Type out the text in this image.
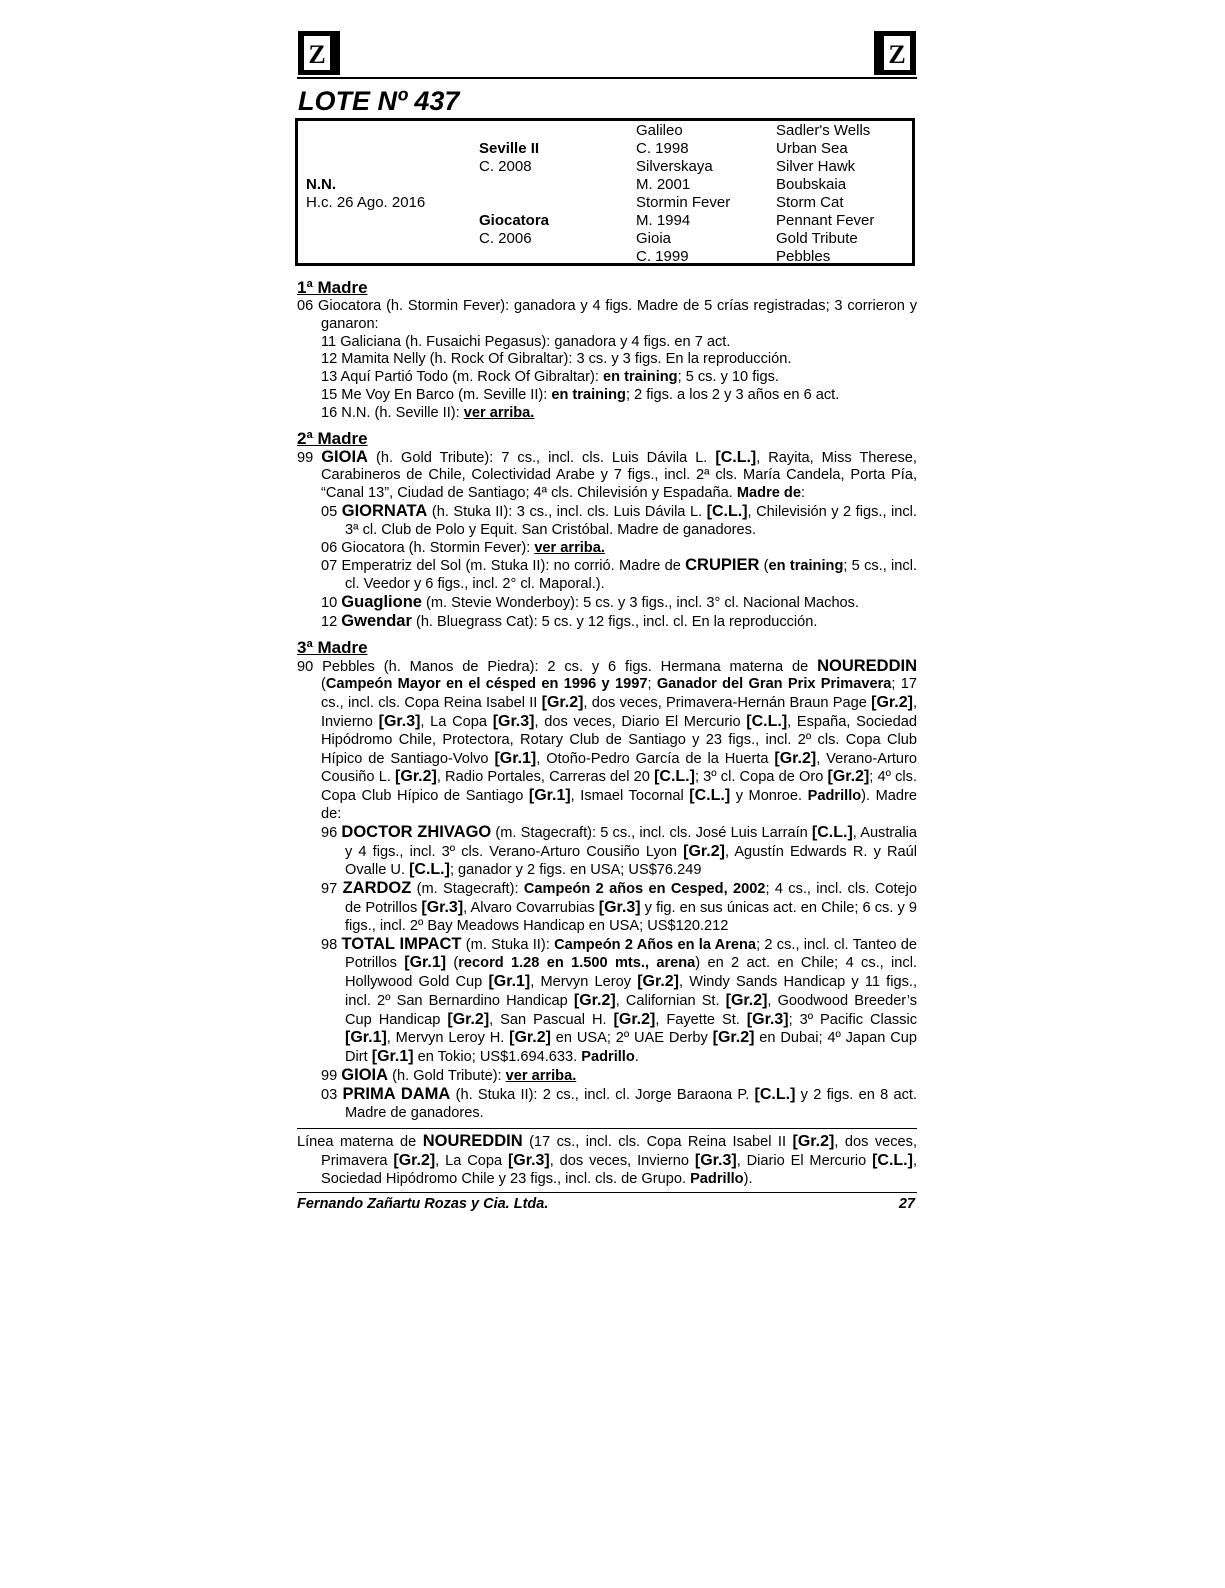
Z	Z
LOTE Nº 437
N.N.
H.c. 26 Ago. 2016
Seville II
C. 2008
Giocatora
C. 2006
Galileo
C. 1998
Silverskaya
M. 2001
Stormin Fever
M. 1994
Gioia
C. 1999
Sadler's Wells
Urban Sea
Silver Hawk
Boubskaia
Storm Cat
Pennant Fever
Gold Tribute
Pebbles

1ª Madre

06 Giocatora (h. Stormin Fever): ganadora y 4 figs. Madre de 5 crías registradas; 3 corrieron y ganaron:

11 Galiciana (h. Fusaichi Pegasus): ganadora y 4 figs. en 7 act.

12 Mamita Nelly (h. Rock Of Gibraltar): 3 cs. y 3 figs. En la reproducción.

13 Aquí Partió Todo (m. Rock Of Gibraltar): en training; 5 cs. y 10 figs.

15 Me Voy En Barco (m. Seville II): en training; 2 figs. a los 2 y 3 años en 6 act.

16 N.N. (h. Seville II): ver arriba.

2ª Madre

99 GIOIA (h. Gold Tribute): 7 cs., incl. cls. Luis Dávila L. [C.L.], Rayita, Miss Therese, Carabineros de Chile, Colectividad Arabe y 7 figs., incl. 2ª cls. María Candela, Porta Pía, “Canal 13”, Ciudad de Santiago; 4ª cls. Chilevisión y Espadaña. Madre de:

05 GIORNATA (h. Stuka II): 3 cs., incl. cls. Luis Dávila L. [C.L.], Chilevisión y 2 figs., incl. 3ª cl. Club de Polo y Equit. San Cristóbal. Madre de ganadores.

06 Giocatora (h. Stormin Fever): ver arriba.

07 Emperatriz del Sol (m. Stuka II): no corrió. Madre de CRUPIER (en training; 5 cs., incl. cl. Veedor y 6 figs., incl. 2° cl. Maporal.).

10 Guaglione (m. Stevie Wonderboy): 5 cs. y 3 figs., incl. 3° cl. Nacional Machos.

12 Gwendar (h. Bluegrass Cat): 5 cs. y 12 figs., incl. cl. En la reproducción.

3ª Madre

90 Pebbles (h. Manos de Piedra): 2 cs. y 6 figs. Hermana materna de NOUREDDIN (Campeón Mayor en el césped en 1996 y 1997; Ganador del Gran Prix Primavera; 17 cs., incl. cls. Copa Reina Isabel II [Gr.2], dos veces, Primavera-Hernán Braun Page [Gr.2], Invierno [Gr.3], La Copa [Gr.3], dos veces, Diario El Mercurio [C.L.], España, Sociedad Hipódromo Chile, Protectora, Rotary Club de Santiago y 23 figs., incl. 2º cls. Copa Club Hípico de Santiago-Volvo [Gr.1], Otoño-Pedro García de la Huerta [Gr.2], Verano-Arturo Cousiño L. [Gr.2], Radio Portales, Carreras del 20 [C.L.]; 3º cl. Copa de Oro [Gr.2]; 4º cls. Copa Club Hípico de Santiago [Gr.1], Ismael Tocornal [C.L.] y Monroe. Padrillo). Madre de:

96 DOCTOR ZHIVAGO (m. Stagecraft): 5 cs., incl. cls. José Luis Larraín [C.L.], Australia y 4 figs., incl. 3º cls. Verano-Arturo Cousiño Lyon [Gr.2], Agustín Edwards R. y Raúl Ovalle U. [C.L.]; ganador y 2 figs. en USA; US$76.249

97 ZARDOZ (m. Stagecraft): Campeón 2 años en Cesped, 2002; 4 cs., incl. cls. Cotejo de Potrillos [Gr.3], Alvaro Covarrubias [Gr.3] y fig. en sus únicas act. en Chile; 6 cs. y 9 figs., incl. 2º Bay Meadows Handicap en USA; US$120.212

98 TOTAL IMPACT (m. Stuka II): Campeón 2 Años en la Arena; 2 cs., incl. cl. Tanteo de Potrillos [Gr.1] (record 1.28 en 1.500 mts., arena) en 2 act. en Chile; 4 cs., incl. Hollywood Gold Cup [Gr.1], Mervyn Leroy [Gr.2], Windy Sands Handicap y 11 figs., incl. 2º San Bernardino Handicap [Gr.2], Californian St. [Gr.2], Goodwood Breeder’s Cup Handicap [Gr.2], San Pascual H. [Gr.2], Fayette St. [Gr.3]; 3º Pacific Classic [Gr.1], Mervyn Leroy H. [Gr.2] en USA; 2º UAE Derby [Gr.2] en Dubai; 4º Japan Cup Dirt [Gr.1] en Tokio; US$1.694.633. Padrillo.

99 GIOIA (h. Gold Tribute): ver arriba.

03 PRIMA DAMA (h. Stuka II): 2 cs., incl. cl. Jorge Baraona P. [C.L.] y 2 figs. en 8 act. Madre de ganadores.

Línea materna de NOUREDDIN (17 cs., incl. cls. Copa Reina Isabel II [Gr.2], dos veces, Primavera [Gr.2], La Copa [Gr.3], dos veces, Invierno [Gr.3], Diario El Mercurio [C.L.], Sociedad Hipódromo Chile y 23 figs., incl. cls. de Grupo. Padrillo).

Fernando Zañartu Rozas y Cia. Ltda.	27
